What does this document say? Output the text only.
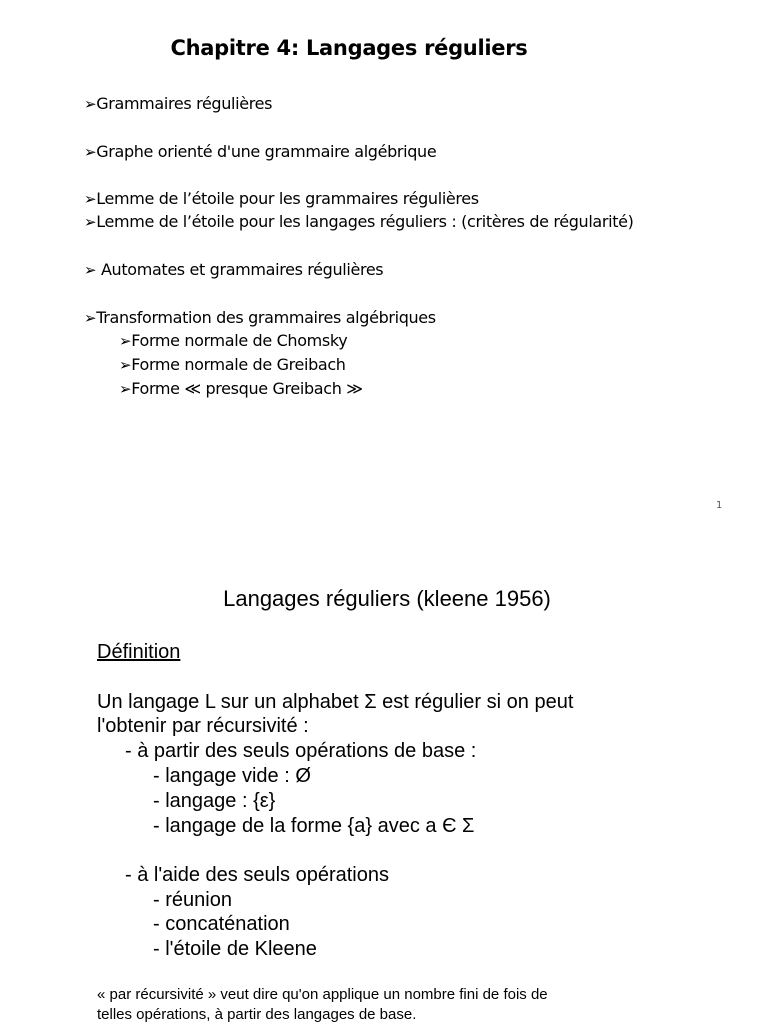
Chapitre 4: Langages réguliers
➢Grammaires régulières
➢Graphe orienté d'une grammaire algébrique
➢Lemme de l’étoile pour les grammaires régulières
➢Lemme de l’étoile pour les langages réguliers : (critères de régularité)
➢ Automates et grammaires régulières
➢Transformation des grammaires algébriques
➢Forme normale de Chomsky
➢Forme normale de Greibach
➢Forme ≪ presque Greibach ≫
1
Langages réguliers (kleene 1956)
Définition
Un langage L sur un alphabet Σ est régulier si on peut
l'obtenir par récursivité :
- à partir des seuls opérations de base :
- langage vide : Ø
- langage : {ε}
- langage de la forme {a} avec a Є Σ
- à l'aide des seuls opérations
- réunion
- concaténation
- l'étoile de Kleene
« par récursivité » veut dire qu'on applique un nombre fini de fois de
telles opérations, à partir des langages de base.
